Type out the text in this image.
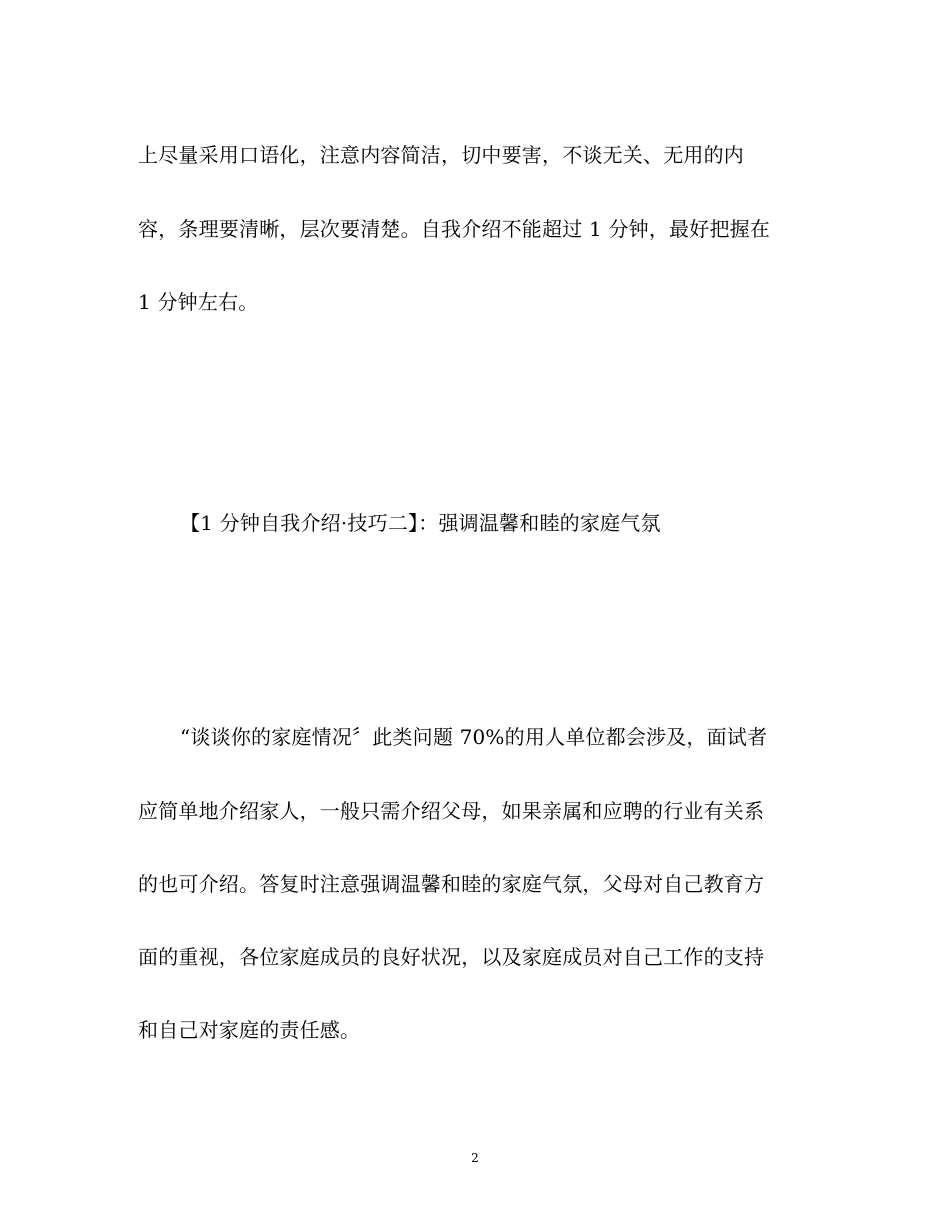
上尽量采用口语化，注意内容简洁，切中要害，不谈无关、无用的内
容，条理要清晰，层次要清楚。自我介绍不能超过 1 分钟，最好把握在
1 分钟左右。
【1 分钟自我介绍·技巧二】：强调温馨和睦的家庭气氛
“谈谈你的家庭情况〞此类问题 70%的用人单位都会涉及，面试者
应简单地介绍家人，一般只需介绍父母，如果亲属和应聘的行业有关系
的也可介绍。答复时注意强调温馨和睦的家庭气氛，父母对自己教育方
面的重视，各位家庭成员的良好状况，以及家庭成员对自己工作的支持
和自己对家庭的责任感。
2
